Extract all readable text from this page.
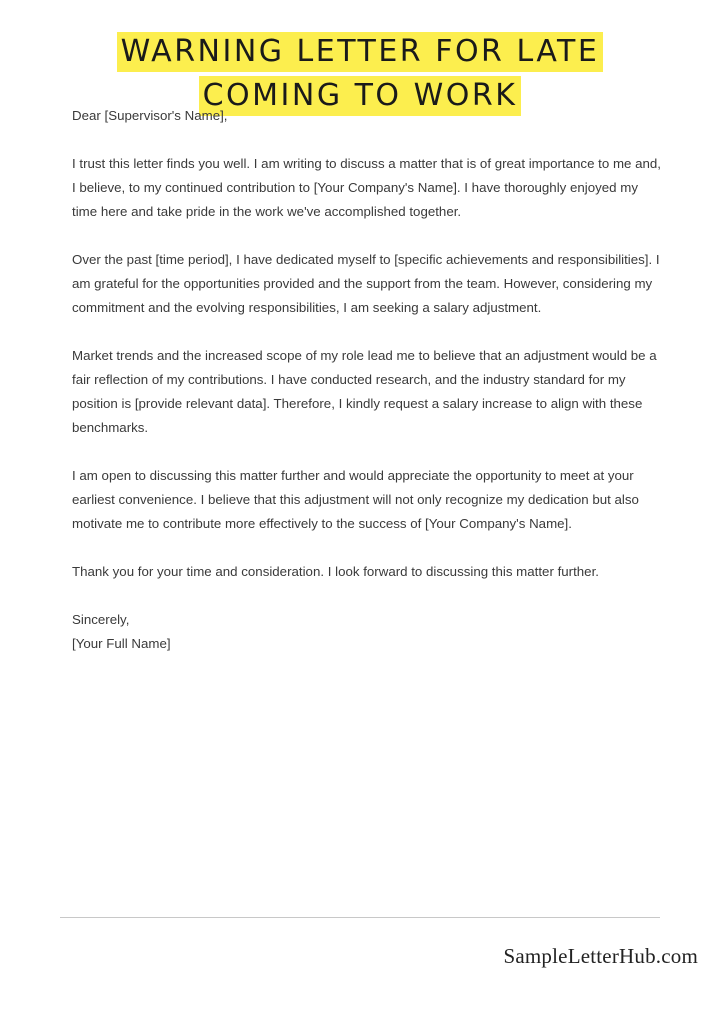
WARNING LETTER FOR LATE
COMING TO WORK

Dear [Supervisor's Name],

I trust this letter finds you well. I am writing to discuss a matter that is of great importance to me and, I believe, to my continued contribution to [Your Company's Name]. I have thoroughly enjoyed my time here and take pride in the work we've accomplished together.

Over the past [time period], I have dedicated myself to [specific achievements and responsibilities]. I am grateful for the opportunities provided and the support from the team. However, considering my commitment and the evolving responsibilities, I am seeking a salary adjustment.

Market trends and the increased scope of my role lead me to believe that an adjustment would be a fair reflection of my contributions. I have conducted research, and the industry standard for my position is [provide relevant data]. Therefore, I kindly request a salary increase to align with these benchmarks.

I am open to discussing this matter further and would appreciate the opportunity to meet at your earliest convenience. I believe that this adjustment will not only recognize my dedication but also motivate me to contribute more effectively to the success of [Your Company's Name].

Thank you for your time and consideration. I look forward to discussing this matter further.

Sincerely,

[Your Full Name]

SampleLetterHub.com
